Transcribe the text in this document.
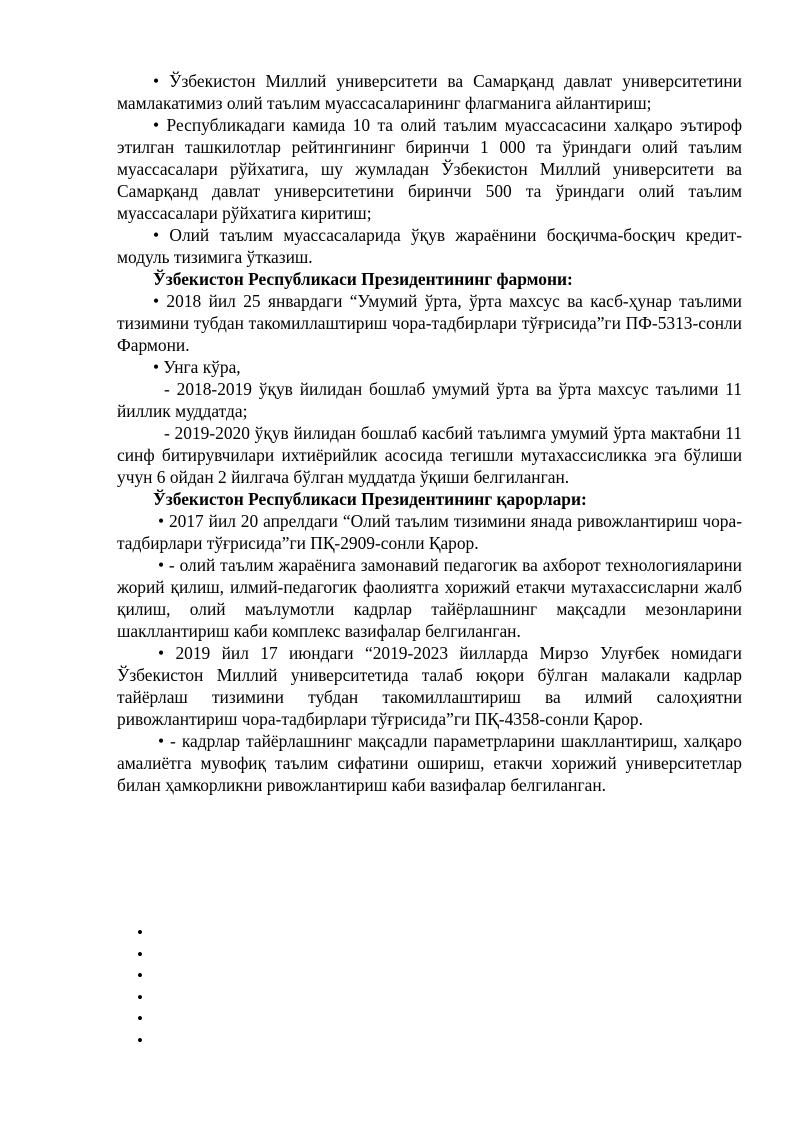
• Ўзбекистон Миллий университети ва Самарқанд давлат университетини мамлакатимиз олий таълим муассасаларининг флагманига айлантириш;

• Республикадаги камида 10 та олий таълим муассасасини халқаро эътироф этилган ташкилотлар рейтингининг биринчи 1 000 та ўриндаги олий таълим муассасалари рўйхатига, шу жумладан Ўзбекистон Миллий университети ва Самарқанд давлат университетини биринчи 500 та ўриндаги олий таълим муассасалари рўйхатига киритиш;

• Олий таълим муассасаларида ўқув жараёнини босқичма-босқич кредит-модуль тизимига ўтказиш.

Ўзбекистон Республикаси Президентининг фармони:

• 2018 йил 25 январдаги “Умумий ўрта, ўрта махсус ва касб-ҳунар таълими тизимини тубдан такомиллаштириш чора-тадбирлари тўғрисида”ги ПФ-5313-сонли Фармони.

• Унга кўра,

- 2018-2019 ўқув йилидан бошлаб умумий ўрта ва ўрта махсус таълими 11 йиллик муддатда;

- 2019-2020 ўқув йилидан бошлаб касбий таълимга умумий ўрта мактабни 11 синф битирувчилари ихтиёрийлик асосида тегишли мутахассисликка эга бўлиши учун 6 ойдан 2 йилгача бўлган муддатда ўқиши белгиланган.

Ўзбекистон Республикаси Президентининг қарорлари:

• 2017 йил 20 апрелдаги “Олий таълим тизимини янада ривожлантириш чора-тадбирлари тўғрисида”ги ПҚ-2909-сонли Қарор.

• - олий таълим жараёнига замонавий педагогик ва ахборот технологияларини жорий қилиш, илмий-педагогик фаолиятга хорижий етакчи мутахассисларни жалб қилиш, олий маълумотли кадрлар тайёрлашнинг мақсадли мезонларини шакллантириш каби комплекс вазифалар белгиланган.

• 2019 йил 17 июндаги “2019-2023 йилларда Мирзо Улуғбек номидаги Ўзбекистон Миллий университетида талаб юқори бўлган малакали кадрлар тайёрлаш тизимини тубдан такомиллаштириш ва илмий салоҳиятни ривожлантириш чора-тадбирлари тўғрисида”ги ПҚ-4358-сонли Қарор.

• - кадрлар тайёрлашнинг мақсадли параметрларини шакллантириш, халқаро амалиётга мувофиқ таълим сифатини ошириш, етакчи хорижий университетлар билан ҳамкорликни ривожлантириш каби вазифалар белгиланган.

•
•
•
•
•
•
